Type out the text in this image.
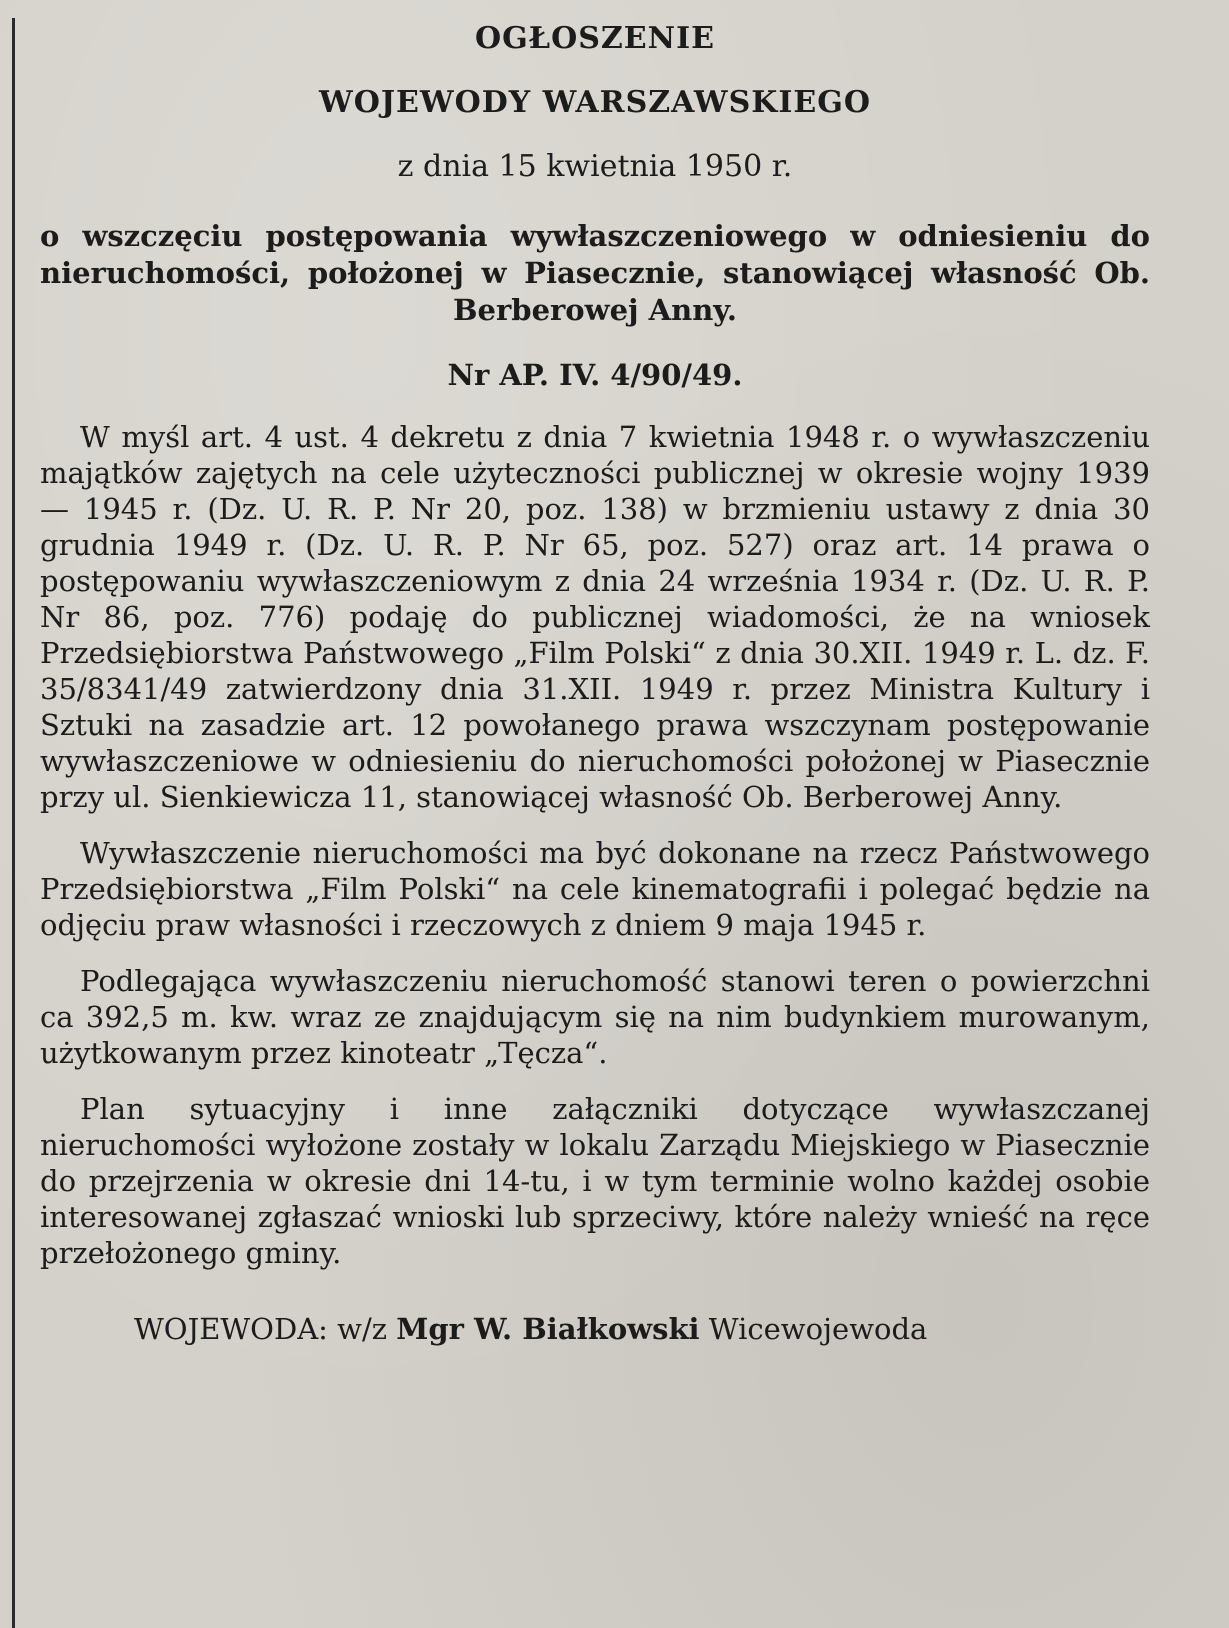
OGŁOSZENIE
WOJEWODY WARSZAWSKIEGO
z dnia 15 kwietnia 1950 r.
o wszczęciu postępowania wywłaszczeniowego w odniesieniu do nieruchomości, położonej w Piasecznie, stanowiącej własność Ob. Berberowej Anny.
Nr AP. IV. 4/90/49.

W myśl art. 4 ust. 4 dekretu z dnia 7 kwietnia 1948 r. o wywłaszczeniu majątków zajętych na cele użyteczności publicznej w okresie wojny 1939 — 1945 r. (Dz. U. R. P. Nr 20, poz. 138) w brzmieniu ustawy z dnia 30 grudnia 1949 r. (Dz. U. R. P. Nr 65, poz. 527) oraz art. 14 prawa o postępowaniu wywłaszczeniowym z dnia 24 września 1934 r. (Dz. U. R. P. Nr 86, poz. 776) podaję do publicznej wiadomości, że na wniosek Przedsiębiorstwa Państwowego „Film Polski“ z dnia 30.XII. 1949 r. L. dz. F. 35/8341/49 zatwierdzony dnia 31.XII. 1949 r. przez Ministra Kultury i Sztuki na zasadzie art. 12 powołanego prawa wszczynam postępowanie wywłaszczeniowe w odniesieniu do nieruchomości położonej w Piasecznie przy ul. Sienkiewicza 11, stanowiącej własność Ob. Berberowej Anny.

Wywłaszczenie nieruchomości ma być dokonane na rzecz Państwowego Przedsiębiorstwa „Film Polski“ na cele kinematografii i polegać będzie na odjęciu praw własności i rzeczowych z dniem 9 maja 1945 r.

Podlegająca wywłaszczeniu nieruchomość stanowi teren o powierzchni ca 392,5 m. kw. wraz ze znajdującym się na nim budynkiem murowanym, użytkowanym przez kinoteatr „Tęcza“.

Plan sytuacyjny i inne załączniki dotyczące wywłaszczanej nieruchomości wyłożone zostały w lokalu Zarządu Miejskiego w Piasecznie do przejrzenia w okresie dni 14-tu, i w tym terminie wolno każdej osobie interesowanej zgłaszać wnioski lub sprzeciwy, które należy wnieść na ręce przełożonego gminy.

WOJEWODA: w/z Mgr W. Białkowski Wicewojewoda
